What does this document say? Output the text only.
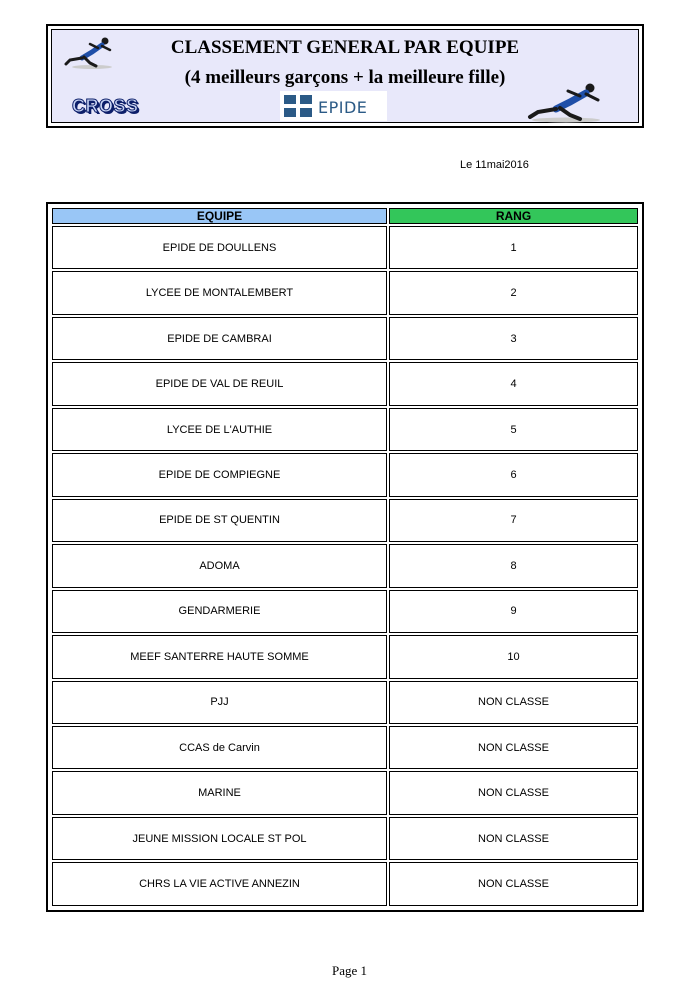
CLASSEMENT GENERAL PAR EQUIPE
(4 meilleurs garçons + la meilleure fille)
CROSS	EPIDE
Le 11mai2016
EQUIPE	RANG
EPIDE DE DOULLENS	1
LYCEE DE MONTALEMBERT	2
EPIDE DE CAMBRAI	3
EPIDE DE VAL DE REUIL	4
LYCEE DE L'AUTHIE	5
EPIDE DE COMPIEGNE	6
EPIDE DE ST QUENTIN	7
ADOMA	8
GENDARMERIE	9
MEEF SANTERRE HAUTE SOMME	10
PJJ	NON CLASSE
CCAS de Carvin	NON CLASSE
MARINE	NON CLASSE
JEUNE MISSION LOCALE ST POL	NON CLASSE
CHRS LA VIE ACTIVE ANNEZIN	NON CLASSE
Page 1
